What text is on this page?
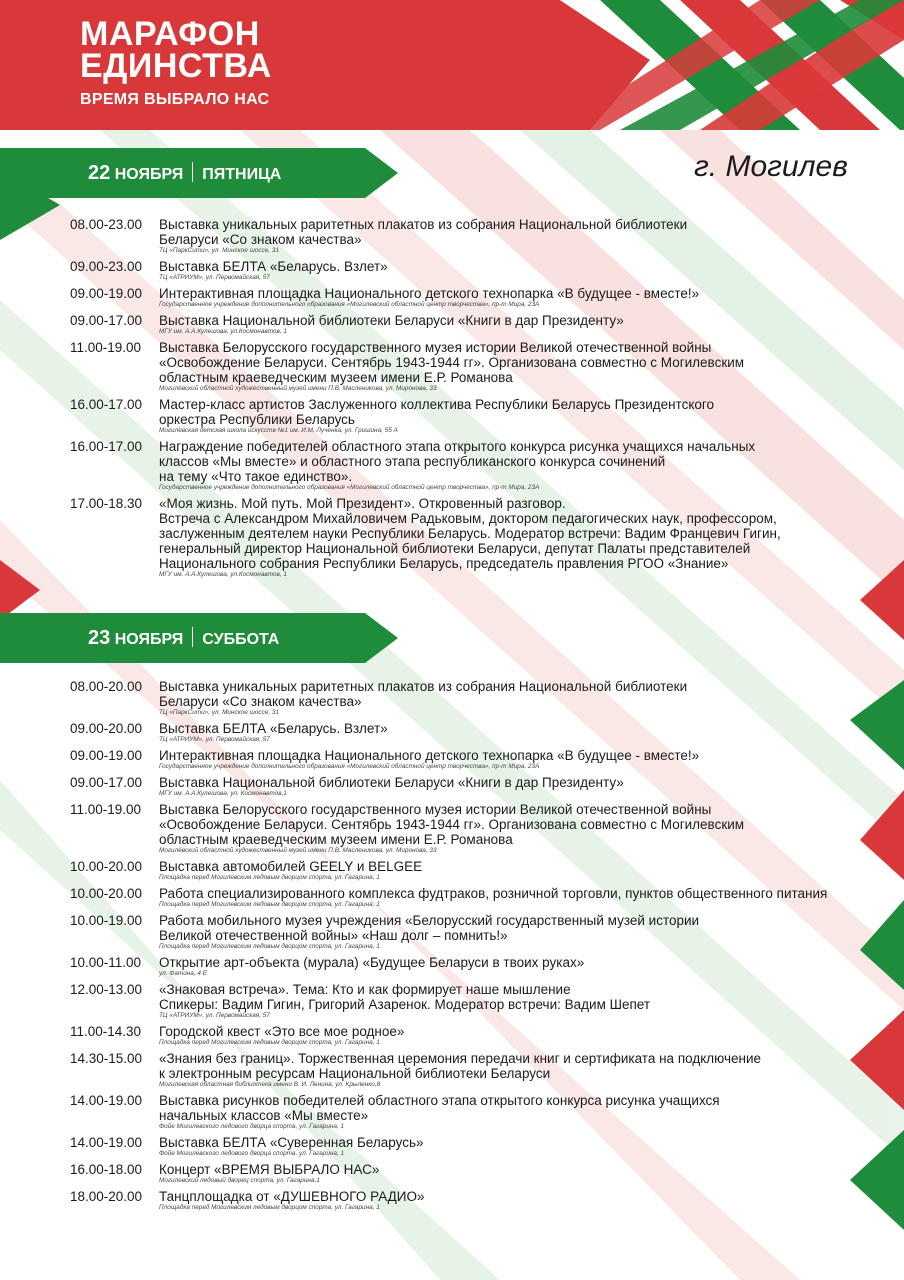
МАРАФОН
ЕДИНСТВА
ВРЕМЯ ВЫБРАЛО НАС
г. Могилев
22 НОЯБРЯ ПЯТНИЦА
08.00-23.00	Выставка уникальных раритетных плакатов из собрания Национальной библиотеки
Беларуси «Со знаком качества»
ТЦ «ПаркСити», ул. Минское шоссе, 31
09.00-23.00	Выставка БЕЛТА «Беларусь. Взлет»
ТЦ «АТРИУМ», ул. Первомайская, 57
09.00-19.00	Интерактивная площадка Национального детского технопарка «В будущее - вместе!»
Государственное учреждение дополнительного образования «Могилевский областной центр творчества», пр-т Мира, 23А
09.00-17.00	Выставка Национальной библиотеки Беларуси «Книги в дар Президенту»
МГУ им. А.А.Кулешова, ул.Космонавтов, 1
11.00-19.00	Выставка Белорусского государственного музея истории Великой отечественной войны
«Освобождение Беларуси. Сентябрь 1943-1944 гг». Организована совместно с Могилевским
областным краеведческим музеем имени Е.Р. Романова
Могилёвский областной художественный музей имени П.В. Масленикова, ул. Миронова, 33
16.00-17.00	Мастер-класс артистов Заслуженного коллектива Республики Беларусь Президентского
оркестра Республики Беларусь
Могилёвская детская школа искусств №1 им. И.М. Лученка, ул. Гришина, 55 А
16.00-17.00	Награждение победителей областного этапа открытого конкурса рисунка учащихся начальных
классов «Мы вместе» и областного этапа республиканского конкурса сочинений
на тему «Что такое единство».
Государственное учреждение дополнительного образования «Могилевский областной центр творчества», пр-т Мира, 23А
17.00-18.30	«Моя жизнь. Мой путь. Мой Президент». Откровенный разговор.
Встреча с Александром Михайловичем Радьковым, доктором педагогических наук, профессором,
заслуженным деятелем науки Республики Беларусь. Модератор встречи: Вадим Францевич Гигин,
генеральный директор Национальной библиотеки Беларуси, депутат Палаты представителей
Национального собрания Республики Беларусь, председатель правления РГОО «Знание»
МГУ им. А.А.Кулешова, ул.Космонавтов, 1
23 НОЯБРЯ СУББОТА
08.00-20.00	Выставка уникальных раритетных плакатов из собрания Национальной библиотеки
Беларуси «Со знаком качества»
ТЦ «ПаркСити», ул. Минское шоссе, 31
09.00-20.00	Выставка БЕЛТА «Беларусь. Взлет»
ТЦ «АТРИУМ», ул. Первомайская, 57
09.00-19.00	Интерактивная площадка Национального детского технопарка «В будущее - вместе!»
Государственное учреждение дополнительного образования «Могилевский областной центр творчества», пр-т Мира, 23А
09.00-17.00	Выставка Национальной библиотеки Беларуси «Книги в дар Президенту»
МГУ им. А.А.Кулешова, ул. Космонавтов,1
11.00-19.00	Выставка Белорусского государственного музея истории Великой отечественной войны
«Освобождение Беларуси. Сентябрь 1943-1944 гг». Организована совместно с Могилевским
областным краеведческим музеем имени Е.Р. Романова
Могилёвский областной художественный музей имени П.В. Масленикова, ул. Миронова, 33
10.00-20.00	Выставка автомобилей GEELY и BELGEE
Площадка перед Могилевским ледовым дворцом спорта, ул. Гагарина, 1
10.00-20.00	Работа специализированного комплекса фудтраков, розничной торговли, пунктов общественного питания
Площадка перед Могилевским ледовым дворцом спорта, ул. Гагарина, 1
10.00-19.00	Работа мобильного музея учреждения «Белорусский государственный музей истории
Великой отечественной войны» «Наш долг – помнить!»
Площадка перед Могилевским ледовым дворцом спорта, ул. Гагарина, 1
10.00-11.00	Открытие арт-объекта (мурала) «Будущее Беларуси в твоих руках»
ул. Фатина, 4 Е
12.00-13.00	«Знаковая встреча». Тема: Кто и как формирует наше мышление
Спикеры: Вадим Гигин, Григорий Азаренок. Модератор встречи: Вадим Шепет
ТЦ «АТРИУМ», ул. Первомайская, 57
11.00-14.30	Городской квест «Это все мое родное»
Площадка перед Могилевским ледовым дворцом спорта, ул. Гагарина, 1
14.30-15.00	«Знания без границ». Торжественная церемония передачи книг и сертификата на подключение
к электронным ресурсам Национальной библиотеки Беларуси
Могилевская областная библиотека имени В. И. Ленина, ул. Крыленко,8
14.00-19.00	Выставка рисунков победителей областного этапа открытого конкурса рисунка учащихся
начальных классов «Мы вместе»
Фойе Могилевского ледового дворца спорта, ул. Гагарина, 1
14.00-19.00	Выставка БЕЛТА «Суверенная Беларусь»
Фойе Могилевского ледового дворца спорта, ул. Гагарина, 1
16.00-18.00	Концерт «ВРЕМЯ ВЫБРАЛО НАС»
Могилевский ледовый дворец спорта, ул. Гагарина,1
18.00-20.00	Танцплощадка от «ДУШЕВНОГО РАДИО»
Площадка перед Могилевским ледовым дворцом спорта, ул. Гагарина, 1
